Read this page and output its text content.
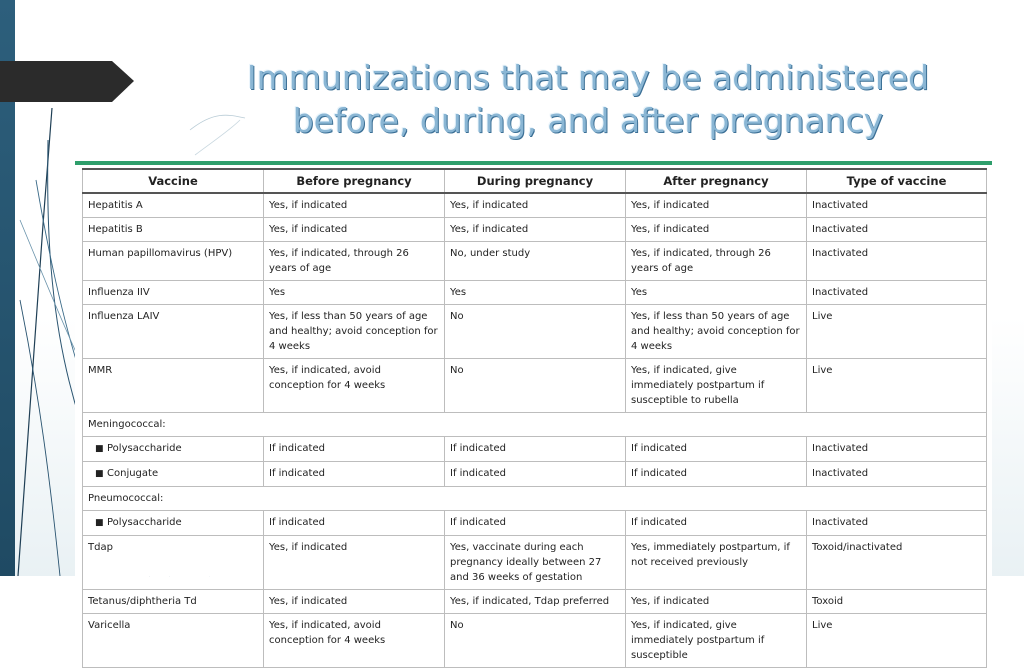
Immunizations that may be administered
before, during, and after pregnancy
Vaccine	Before pregnancy	During pregnancy	After pregnancy	Type of vaccine
Hepatitis A	Yes, if indicated	Yes, if indicated	Yes, if indicated	Inactivated
Hepatitis B	Yes, if indicated	Yes, if indicated	Yes, if indicated	Inactivated
Human papillomavirus (HPV)	Yes, if indicated, through 26 years of age	No, under study	Yes, if indicated, through 26 years of age	Inactivated
Influenza IIV	Yes	Yes	Yes	Inactivated
Influenza LAIV	Yes, if less than 50 years of age and healthy; avoid conception for 4 weeks	No	Yes, if less than 50 years of age and healthy; avoid conception for 4 weeks	Live
MMR	Yes, if indicated, avoid conception for 4 weeks	No	Yes, if indicated, give immediately postpartum if susceptible to rubella	Live
Meningococcal:				
■ Polysaccharide	If indicated	If indicated	If indicated	Inactivated
■ Conjugate	If indicated	If indicated	If indicated	Inactivated
Pneumococcal:				
■ Polysaccharide	If indicated	If indicated	If indicated	Inactivated
Tdap	Yes, if indicated	Yes, vaccinate during each pregnancy ideally between 27 and 36 weeks of gestation	Yes, immediately postpartum, if not received previously	Toxoid/inactivated
Tetanus/diphtheria Td	Yes, if indicated	Yes, if indicated, Tdap preferred	Yes, if indicated	Toxoid
Varicella	Yes, if indicated, avoid conception for 4 weeks	No	Yes, if indicated, give immediately postpartum if susceptible	Live
